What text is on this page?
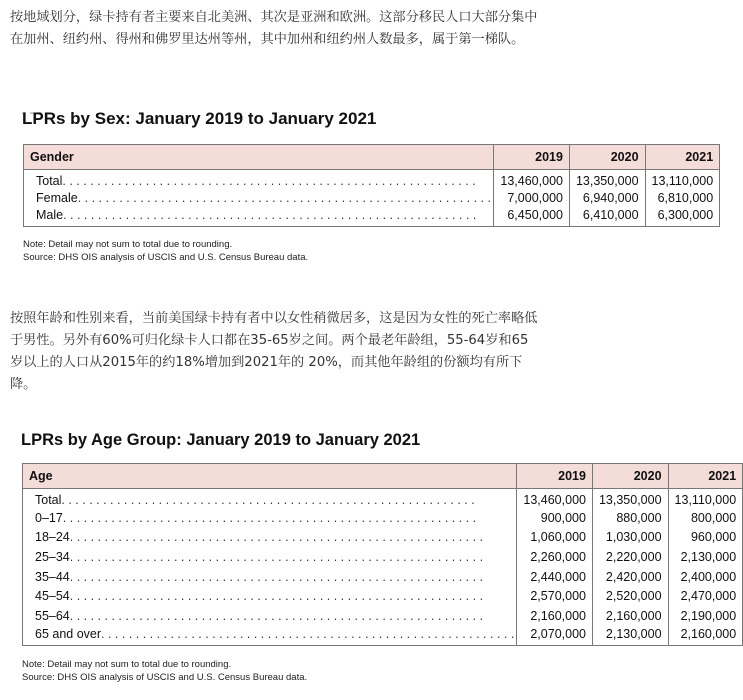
按地域划分，绿卡持有者主要来自北美洲、其次是亚洲和欧洲。这部分移民人口大部分集中在加州、纽约州、得州和佛罗里达州等州，其中加州和纽约州人数最多，属于第一梯队。

LPRs by Sex: January 2019 to January 2021
Gender	2019	2020	2021
Total. . . . . . . . . . . . . . . . . . . . . . . . . . . . . . . . . . . . . . . . . . . . . . . . . . . . . . . . . . . .	13,460,000	13,350,000	13,110,000
Female. . . . . . . . . . . . . . . . . . . . . . . . . . . . . . . . . . . . . . . . . . . . . . . . . . . . . . . . . . . .	7,000,000	6,940,000	6,810,000
Male. . . . . . . . . . . . . . . . . . . . . . . . . . . . . . . . . . . . . . . . . . . . . . . . . . . . . . . . . . . .	6,450,000	6,410,000	6,300,000

Note: Detail may not sum to total due to rounding.

Source: DHS OIS analysis of USCIS and U.S. Census Bureau data.

按照年龄和性别来看，当前美国绿卡持有者中以女性稍微居多，这是因为女性的死亡率略低于男性。另外有60%可归化绿卡人口都在35-65岁之间。两个最老年龄组，55-64岁和65岁以上的人口从2015年的约18%增加到2021年的 20%，而其他年龄组的份额均有所下降。

LPRs by Age Group: January 2019 to January 2021
Age	2019	2020	2021
Total. . . . . . . . . . . . . . . . . . . . . . . . . . . . . . . . . . . . . . . . . . . . . . . . . . . . . . . . . . . .	13,460,000	13,350,000	13,110,000
0–17. . . . . . . . . . . . . . . . . . . . . . . . . . . . . . . . . . . . . . . . . . . . . . . . . . . . . . . . . . . .	900,000	880,000	800,000
18–24. . . . . . . . . . . . . . . . . . . . . . . . . . . . . . . . . . . . . . . . . . . . . . . . . . . . . . . . . . . .	1,060,000	1,030,000	960,000
25–34. . . . . . . . . . . . . . . . . . . . . . . . . . . . . . . . . . . . . . . . . . . . . . . . . . . . . . . . . . . .	2,260,000	2,220,000	2,130,000
35–44. . . . . . . . . . . . . . . . . . . . . . . . . . . . . . . . . . . . . . . . . . . . . . . . . . . . . . . . . . . .	2,440,000	2,420,000	2,400,000
45–54. . . . . . . . . . . . . . . . . . . . . . . . . . . . . . . . . . . . . . . . . . . . . . . . . . . . . . . . . . . .	2,570,000	2,520,000	2,470,000
55–64. . . . . . . . . . . . . . . . . . . . . . . . . . . . . . . . . . . . . . . . . . . . . . . . . . . . . . . . . . . .	2,160,000	2,160,000	2,190,000
65 and over. . . . . . . . . . . . . . . . . . . . . . . . . . . . . . . . . . . . . . . . . . . . . . . . . . . . . . . . . . . .	2,070,000	2,130,000	2,160,000

Note: Detail may not sum to total due to rounding.

Source: DHS OIS analysis of USCIS and U.S. Census Bureau data.
